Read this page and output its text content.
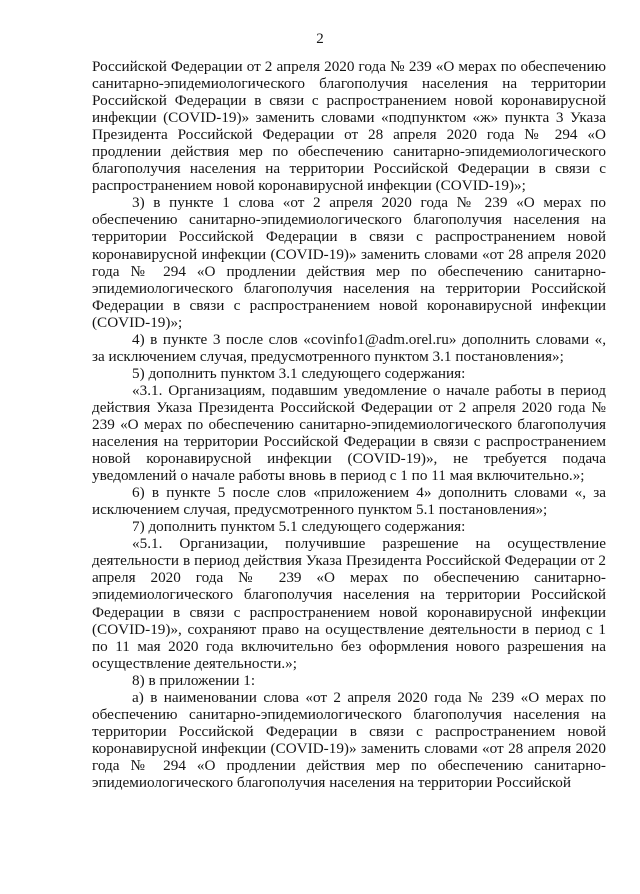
2

Российской Федерации от 2 апреля 2020 года № 239 «О мерах по обеспечению санитарно-эпидемиологического благополучия населения на территории Российской Федерации в связи с распространением новой коронавирусной инфекции (COVID-19)» заменить словами «подпунктом «ж» пункта 3 Указа Президента Российской Федерации от 28 апреля 2020 года № 294 «О продлении действия мер по обеспечению санитарно-эпидемиологического благополучия населения на территории Российской Федерации в связи с распространением новой коронавирусной инфекции (COVID-19)»;

3) в пункте 1 слова «от 2 апреля 2020 года № 239 «О мерах по обеспечению санитарно-эпидемиологического благополучия населения на территории Российской Федерации в связи с распространением новой коронавирусной инфекции (COVID-19)» заменить словами «от 28 апреля 2020 года № 294 «О продлении действия мер по обеспечению санитарно-эпидемиологического благополучия населения на территории Российской Федерации в связи с распространением новой коронавирусной инфекции (COVID-19)»;

4) в пункте 3 после слов «covinfo1@adm.orel.ru» дополнить словами «, за исключением случая, предусмотренного пунктом 3.1 постановления»;

5) дополнить пунктом 3.1 следующего содержания:

«3.1. Организациям, подавшим уведомление о начале работы в период действия Указа Президента Российской Федерации от 2 апреля 2020 года № 239 «О мерах по обеспечению санитарно-эпидемиологического благополучия населения на территории Российской Федерации в связи с распространением новой коронавирусной инфекции (COVID-19)», не требуется подача уведомлений о начале работы вновь в период с 1 по 11 мая включительно.»;

6) в пункте 5 после слов «приложением 4» дополнить словами «, за исключением случая, предусмотренного пунктом 5.1 постановления»;

7) дополнить пунктом 5.1 следующего содержания:

«5.1. Организации, получившие разрешение на осуществление деятельности в период действия Указа Президента Российской Федерации от 2 апреля 2020 года № 239 «О мерах по обеспечению санитарно-эпидемиологического благополучия населения на территории Российской Федерации в связи с распространением новой коронавирусной инфекции (COVID-19)», сохраняют право на осуществление деятельности в период с 1 по 11 мая 2020 года включительно без оформления нового разрешения на осуществление деятельности.»;

8) в приложении 1:

а) в наименовании слова «от 2 апреля 2020 года № 239 «О мерах по обеспечению санитарно-эпидемиологического благополучия населения на территории Российской Федерации в связи с распространением новой коронавирусной инфекции (COVID-19)» заменить словами «от 28 апреля 2020 года № 294 «О продлении действия мер по обеспечению санитарно-эпидемиологического благополучия населения на территории Российской
